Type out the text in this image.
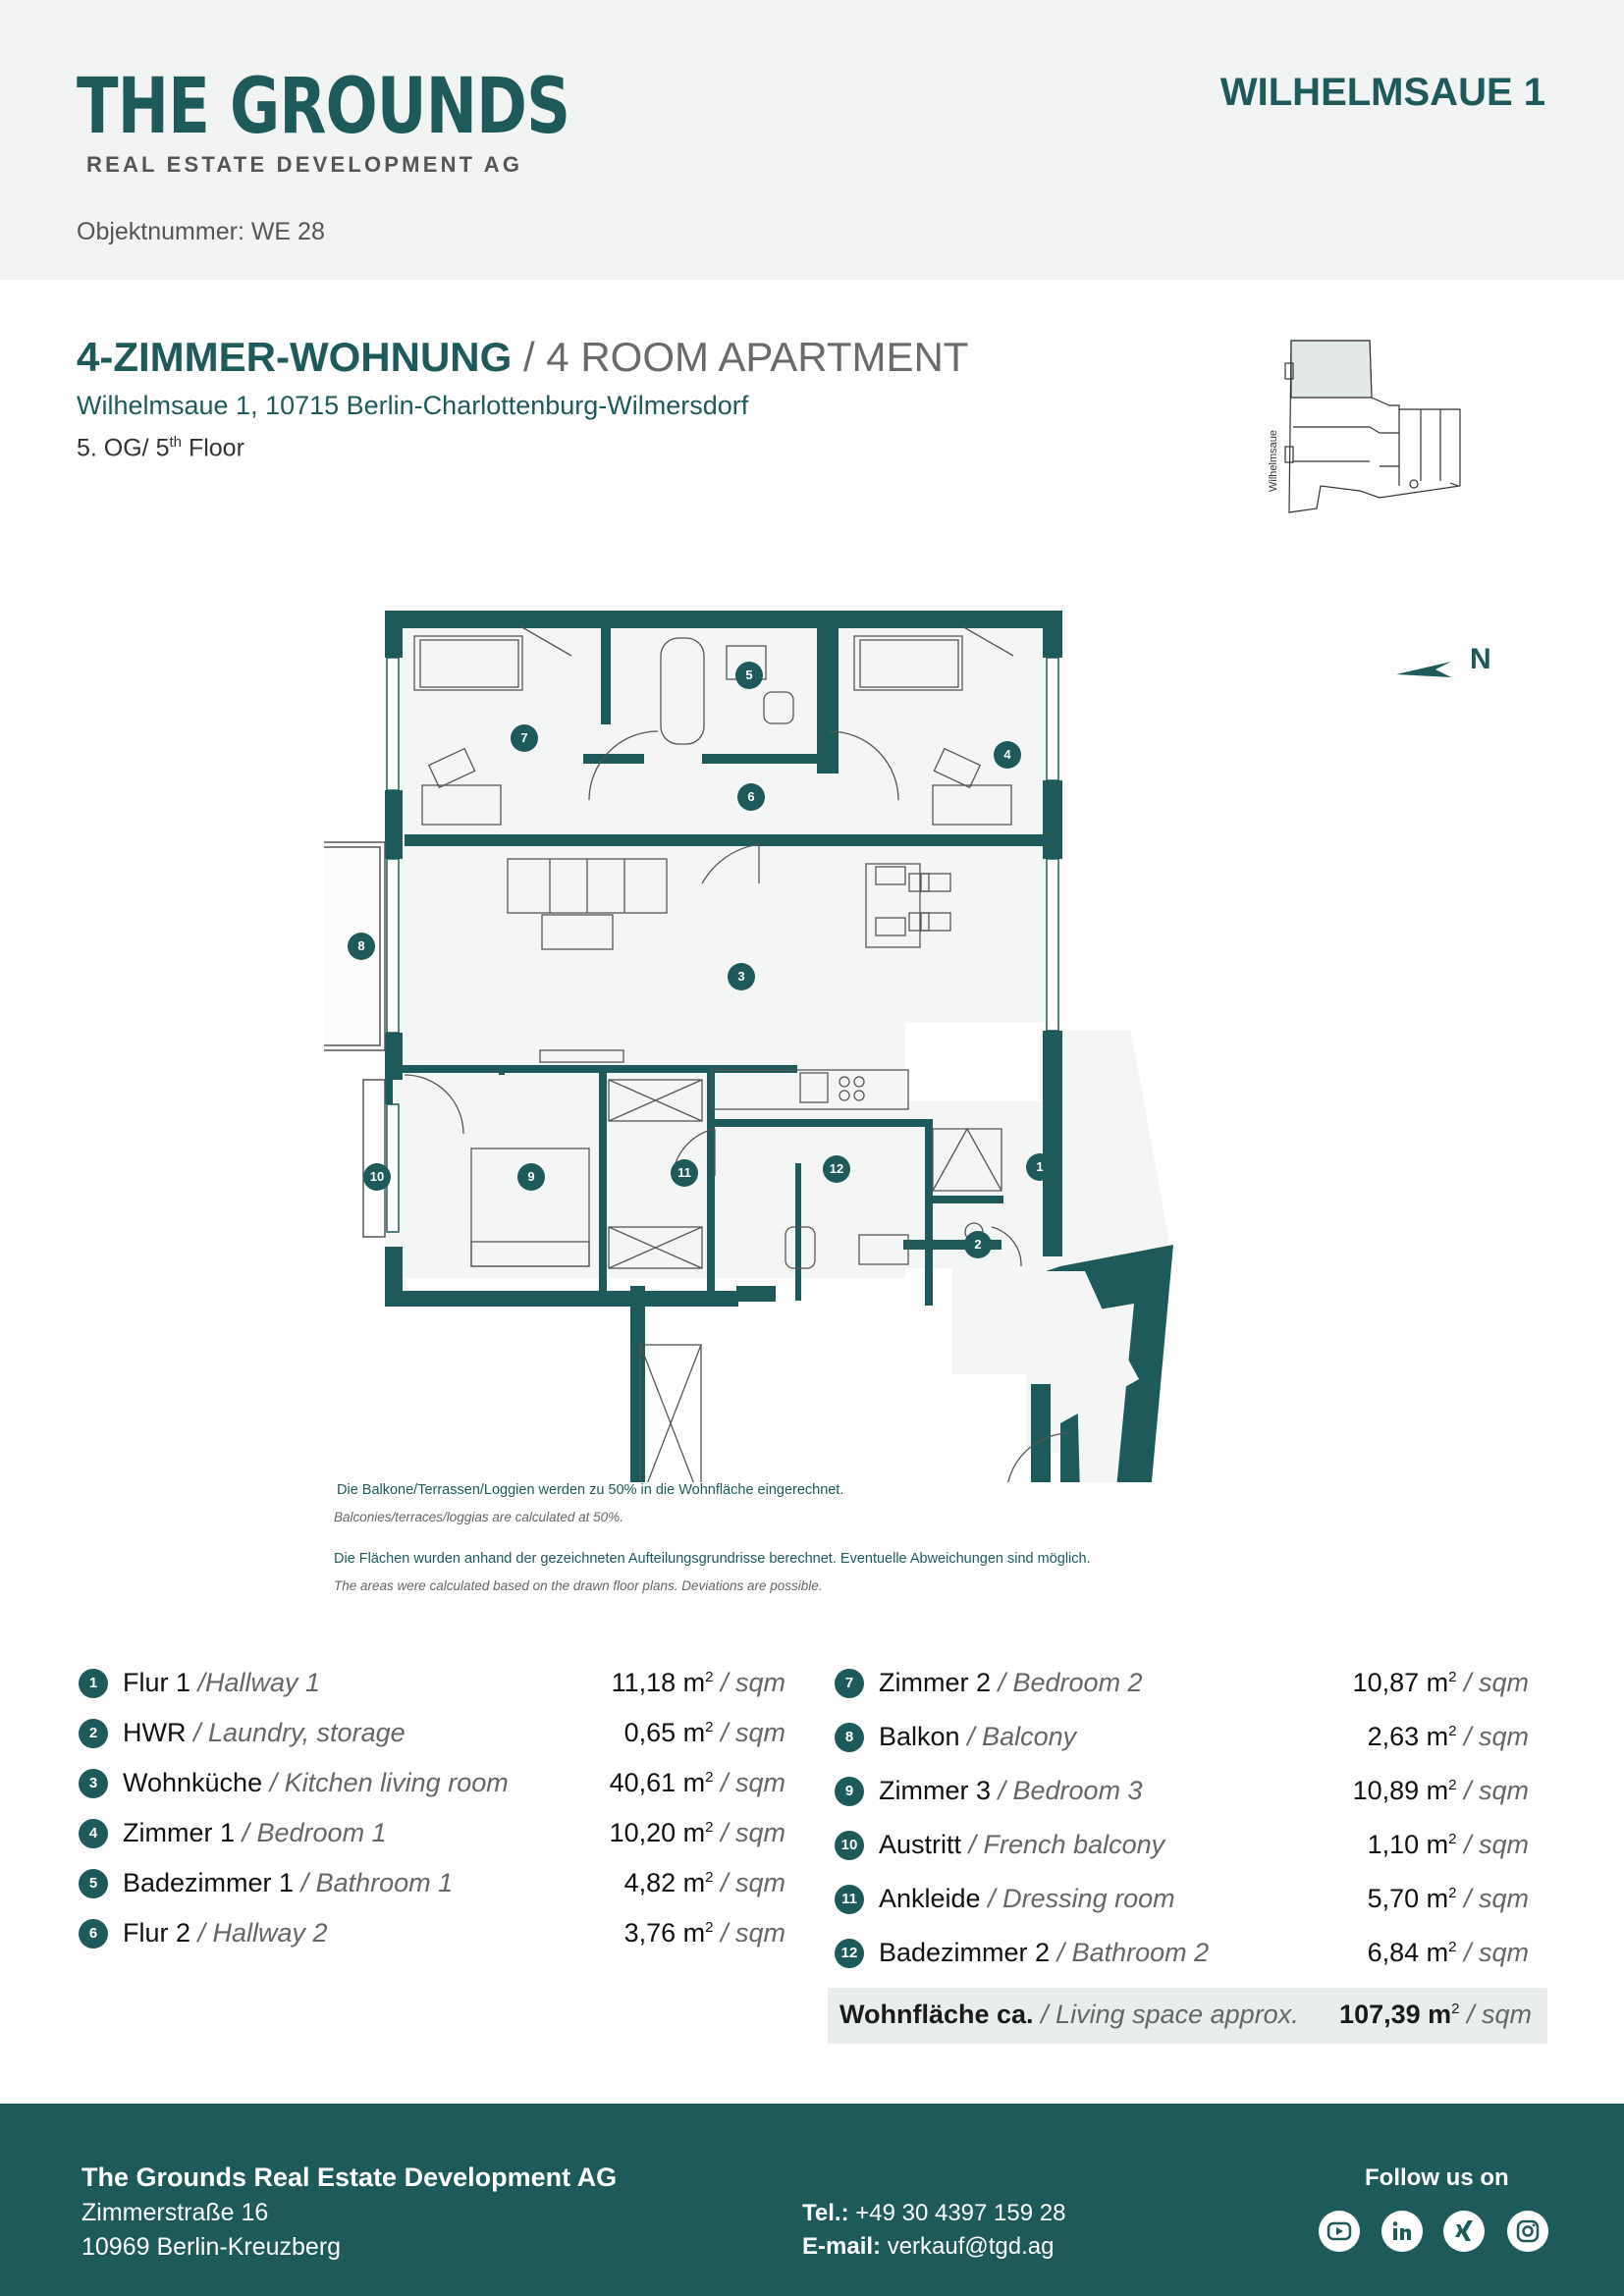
THE GROUNDS
REAL ESTATE DEVELOPMENT AG
WILHELMSAUE 1
Objektnummer: WE 28
4-ZIMMER-WOHNUNG / 4 ROOM APARTMENT
Wilhelmsaue 1, 10715 Berlin-Charlottenburg-Wilmersdorf
5. OG/ 5th Floor	Wilhelmsaue
N
1
2
3
4
5
6
7
8
9
10	11	12
Die Balkone/Terrassen/Loggien werden zu 50% in die Wohnfläche eingerechnet.
Balconies/terraces/loggias are calculated at 50%.
Die Flächen wurden anhand der gezeichneten Aufteilungsgrundrisse berechnet. Eventuelle Abweichungen sind möglich.
The areas were calculated based on the drawn floor plans. Deviations are possible.
1 Flur 1 /Hallway 1	11,18 $m^2$ / sqm
2 HWR / Laundry, storage	0,65 $m^2$ / sqm
3 Wohnküche / Kitchen living room	40,61 $m^2$ / sqm
4 Zimmer 1 / Bedroom 1	10,20 $m^2$ / sqm
5 Badezimmer 1 / Bathroom 1	4,82 $m^2$ / sqm
6 Flur 2 / Hallway 2	3,76 $m^2$ / sqm
7 Zimmer 2 / Bedroom 2	10,87 $m^2$ / sqm
8 Balkon / Balcony	2,63 $m^2$ / sqm
9 Zimmer 3 / Bedroom 3	10,89 $m^2$ / sqm
10 Austritt / French balcony	1,10 $m^2$ / sqm
11 Ankleide / Dressing room	5,70 $m^2$ / sqm
12 Badezimmer 2 / Bathroom 2	6,84 $m^2$ / sqm
Wohnfläche ca. / Living space approx. 107,39 $m^2$ / sqm
The Grounds Real Estate Development AG
Zimmerstraße 16
10969 Berlin-Kreuzberg
Tel.: +49 30 4397 159 28
E-mail: verkauf@tgd.ag
Follow us on
